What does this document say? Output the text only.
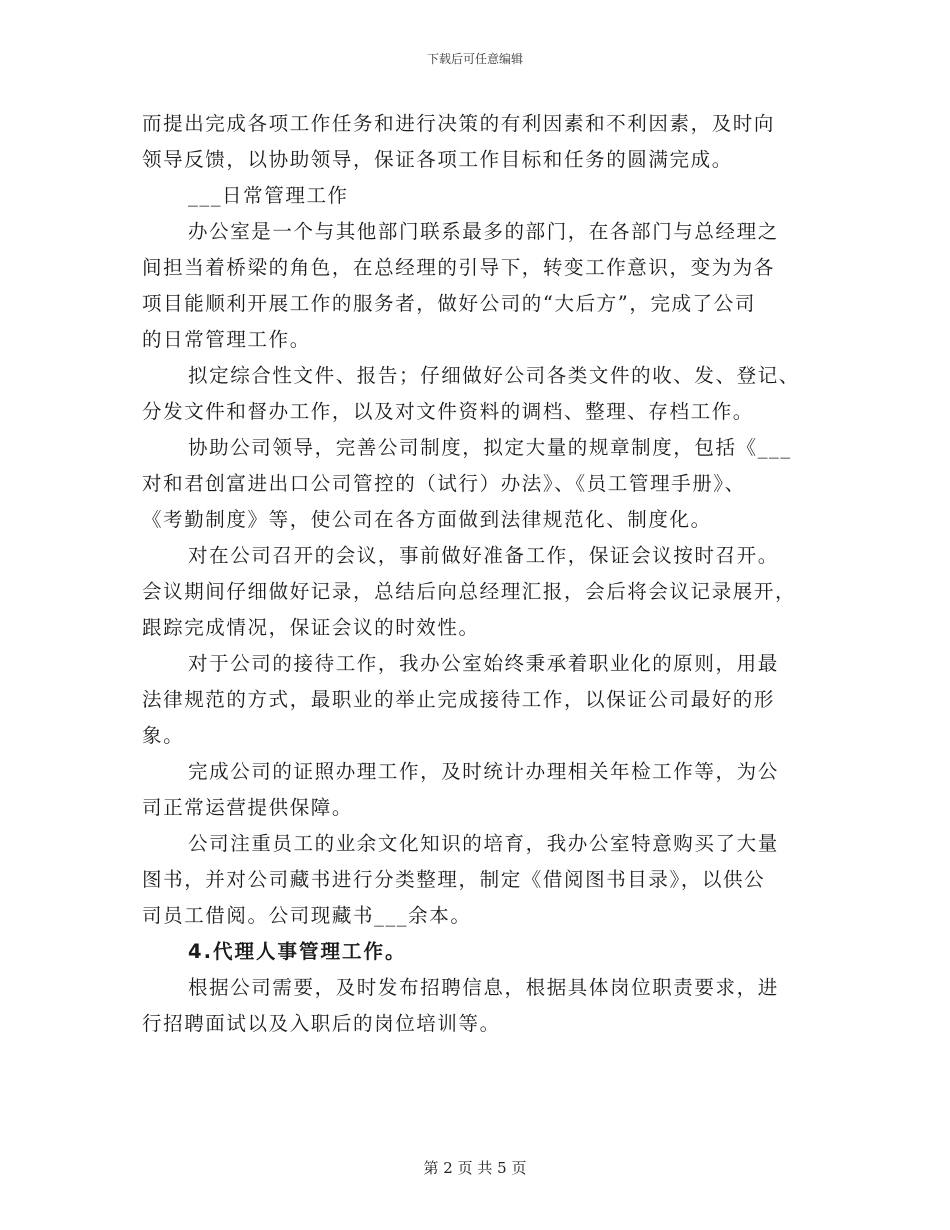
下载后可任意编辑
而提出完成各项工作任务和进行决策的有利因素和不利因素，及时向
领导反馈，以协助领导，保证各项工作目标和任务的圆满完成。
___日常管理工作
办公室是一个与其他部门联系最多的部门，在各部门与总经理之
间担当着桥梁的角色，在总经理的引导下，转变工作意识，变为为各
项目能顺利开展工作的服务者，做好公司的“大后方”，完成了公司
的日常管理工作。
拟定综合性文件、报告；仔细做好公司各类文件的收、发、登记、
分发文件和督办工作，以及对文件资料的调档、整理、存档工作。
协助公司领导，完善公司制度，拟定大量的规章制度，包括《___
对和君创富进出口公司管控的（试行）办法》、《员工管理手册》、
《考勤制度》等，使公司在各方面做到法律规范化、制度化。
对在公司召开的会议，事前做好准备工作，保证会议按时召开。
会议期间仔细做好记录，总结后向总经理汇报，会后将会议记录展开，
跟踪完成情况，保证会议的时效性。
对于公司的接待工作，我办公室始终秉承着职业化的原则，用最
法律规范的方式，最职业的举止完成接待工作，以保证公司最好的形
象。
完成公司的证照办理工作，及时统计办理相关年检工作等，为公
司正常运营提供保障。
公司注重员工的业余文化知识的培育，我办公室特意购买了大量
图书，并对公司藏书进行分类整理，制定《借阅图书目录》，以供公
司员工借阅。公司现藏书___余本。
4.代理人事管理工作。
根据公司需要，及时发布招聘信息，根据具体岗位职责要求，进
行招聘面试以及入职后的岗位培训等。
第 2 页 共 5 页
